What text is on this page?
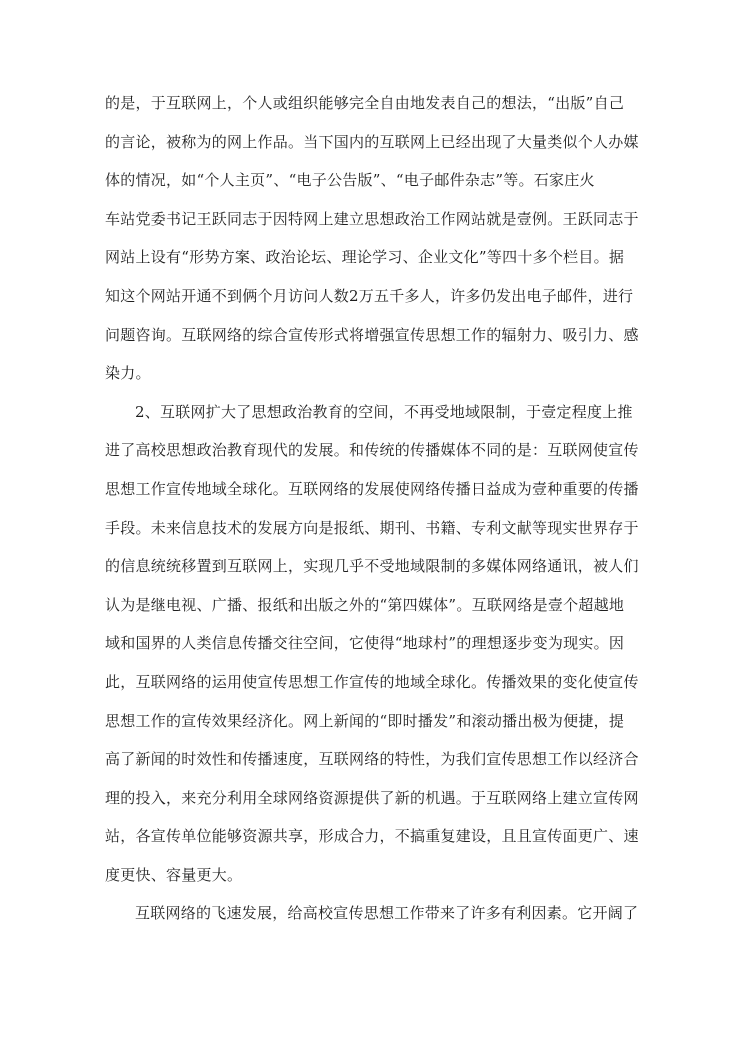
的是，于互联网上，个人或组织能够完全自由地发表自己的想法，“出版”自己
的言论，被称为的网上作品。当下国内的互联网上已经出现了大量类似个人办媒
体的情况，如“个人主页”、“电子公告版”、“电子邮件杂志”等。石家庄火
车站党委书记王跃同志于因特网上建立思想政治工作网站就是壹例。王跃同志于
网站上设有“形势方案、政治论坛、理论学习、企业文化”等四十多个栏目。据
知这个网站开通不到俩个月访问人数2万五千多人，许多仍发出电子邮件，进行
问题咨询。互联网络的综合宣传形式将增强宣传思想工作的辐射力、吸引力、感
染力。
2、互联网扩大了思想政治教育的空间，不再受地域限制，于壹定程度上推
进了高校思想政治教育现代的发展。和传统的传播媒体不同的是：互联网使宣传
思想工作宣传地域全球化。互联网络的发展使网络传播日益成为壹种重要的传播
手段。未来信息技术的发展方向是报纸、期刊、书籍、专利文献等现实世界存于
的信息统统移置到互联网上，实现几乎不受地域限制的多媒体网络通讯，被人们
认为是继电视、广播、报纸和出版之外的“第四媒体”。互联网络是壹个超越地
域和国界的人类信息传播交往空间，它使得“地球村”的理想逐步变为现实。因
此，互联网络的运用使宣传思想工作宣传的地域全球化。传播效果的变化使宣传
思想工作的宣传效果经济化。网上新闻的“即时播发”和滚动播出极为便捷，提
高了新闻的时效性和传播速度，互联网络的特性，为我们宣传思想工作以经济合
理的投入，来充分利用全球网络资源提供了新的机遇。于互联网络上建立宣传网
站，各宣传单位能够资源共享，形成合力，不搞重复建设，且且宣传面更广、速
度更快、容量更大。
互联网络的飞速发展，给高校宣传思想工作带来了许多有利因素。它开阔了
